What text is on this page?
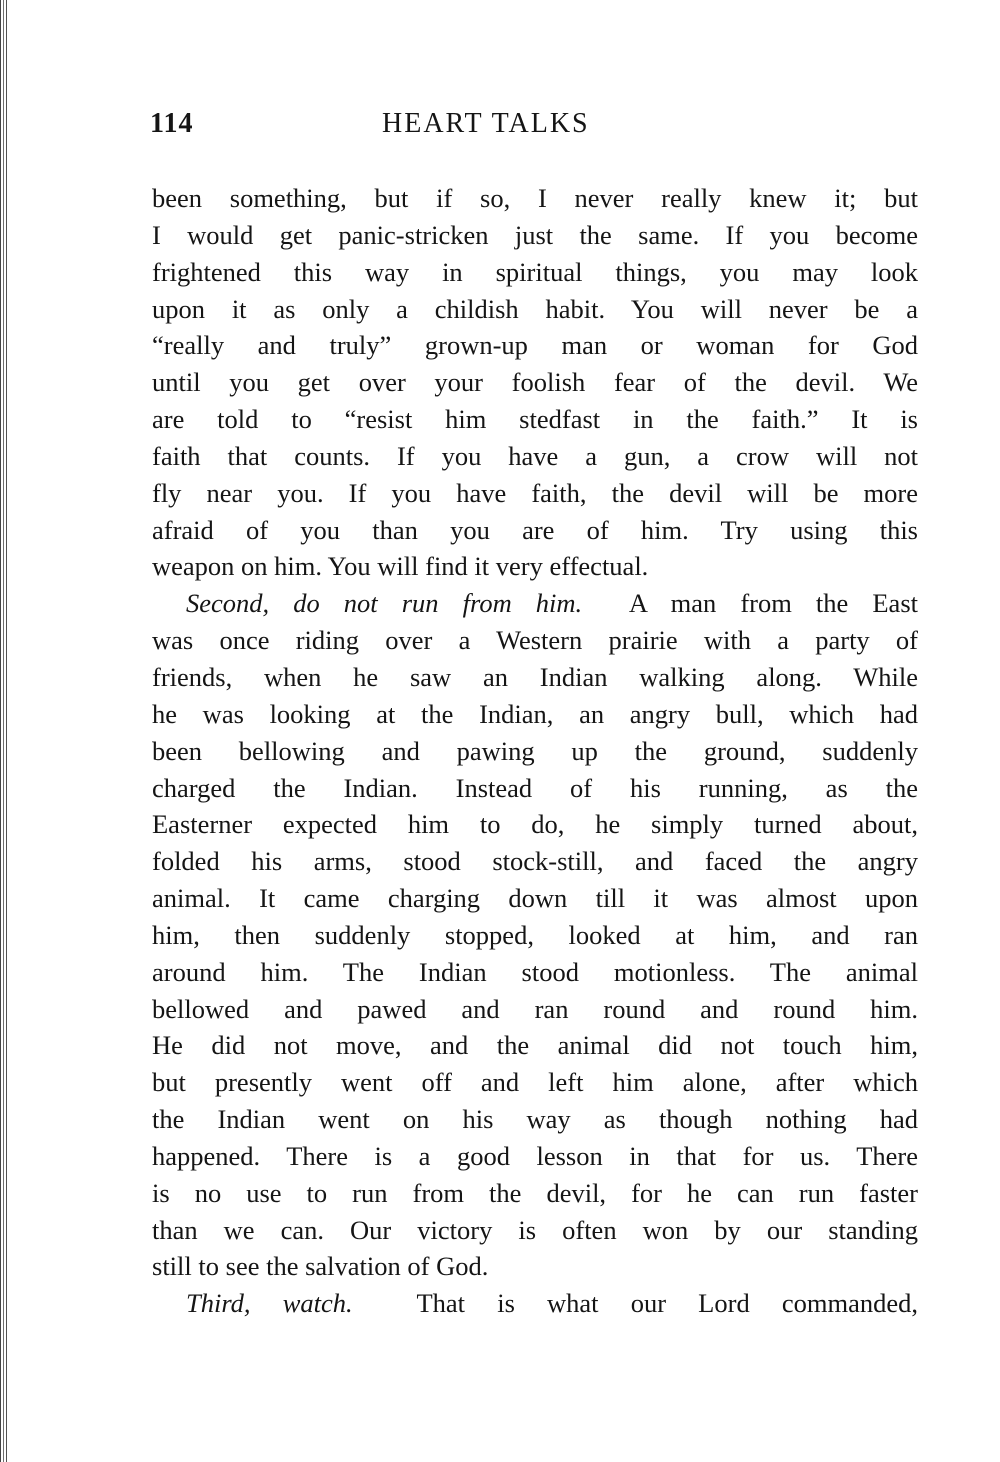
114	HEART TALKS
been something, but if so, I never really knew it; but
I would get panic-stricken just the same. If you become
frightened this way in spiritual things, you may look
upon it as only a childish habit. You will never be a
“really and truly” grown-up man or woman for God
until you get over your foolish fear of the devil. We
are told to “resist him stedfast in the faith.” It is
faith that counts. If you have a gun, a crow will not
fly near you. If you have faith, the devil will be more
afraid of you than you are of him. Try using this
weapon on him. You will find it very effectual.
Second, do not run from him. A man from the East
was once riding over a Western prairie with a party of
friends, when he saw an Indian walking along. While
he was looking at the Indian, an angry bull, which had
been bellowing and pawing up the ground, suddenly
charged the Indian. Instead of his running, as the
Easterner expected him to do, he simply turned about,
folded his arms, stood stock-still, and faced the angry
animal. It came charging down till it was almost upon
him, then suddenly stopped, looked at him, and ran
around him. The Indian stood motionless. The animal
bellowed and pawed and ran round and round him.
He did not move, and the animal did not touch him,
but presently went off and left him alone, after which
the Indian went on his way as though nothing had
happened. There is a good lesson in that for us. There
is no use to run from the devil, for he can run faster
than we can. Our victory is often won by our standing
still to see the salvation of God.
Third, watch. That is what our Lord commanded,
